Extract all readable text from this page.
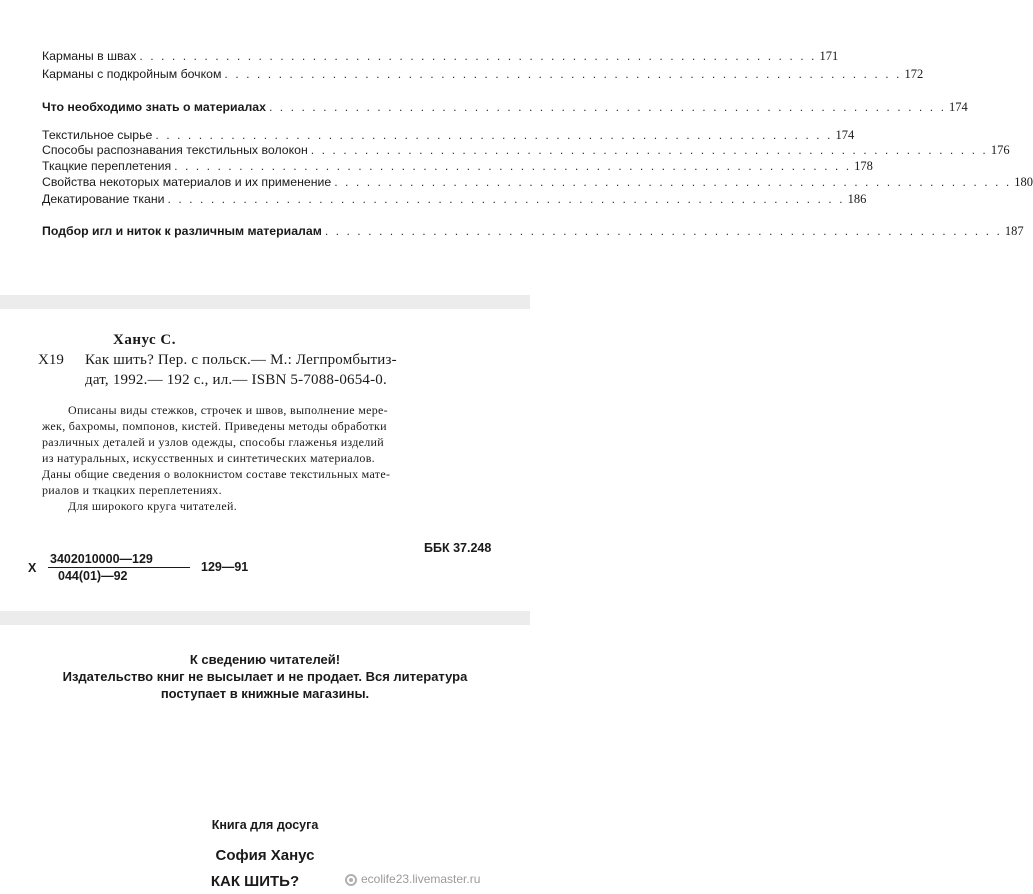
Карманы в швах . . . . . . . . . . . . . . . . . . . . . . . . . . . . . . . . . . . . . . . . . . . . . . . . . . . . . . . . . . . . . . . 171
Карманы с подкройным бочком . . . . . . . . . . . . . . . . . . . . . . . . . . . . . . . . . . . . . . . . . . . . . . . . . . . . . . . . . . . . . . . 172
Что необходимо знать о материалах . . . . . . . . . . . . . . . . . . . . . . . . . . . . . . . . . . . . . . . . . . . . . . . . . . . . . . . . . . . . . . . 174
Текстильное сырье . . . . . . . . . . . . . . . . . . . . . . . . . . . . . . . . . . . . . . . . . . . . . . . . . . . . . . . . . . . . . . . 174
Способы распознавания текстильных волокон . . . . . . . . . . . . . . . . . . . . . . . . . . . . . . . . . . . . . . . . . . . . . . . . . . . . . . . . . . . . . . . 176
Ткацкие переплетения . . . . . . . . . . . . . . . . . . . . . . . . . . . . . . . . . . . . . . . . . . . . . . . . . . . . . . . . . . . . . . . 178
Свойства некоторых материалов и их применение . . . . . . . . . . . . . . . . . . . . . . . . . . . . . . . . . . . . . . . . . . . . . . . . . . . . . . . . . . . . . . . 180
Декатирование ткани . . . . . . . . . . . . . . . . . . . . . . . . . . . . . . . . . . . . . . . . . . . . . . . . . . . . . . . . . . . . . . . 186
Подбор игл и ниток к различным материалам . . . . . . . . . . . . . . . . . . . . . . . . . . . . . . . . . . . . . . . . . . . . . . . . . . . . . . . . . . . . . . . 187
Ханус С.
Х19 Как шить? Пер. с польск.— М.: Легпромбытиз-
дат, 1992.— 192 с., ил.— ISBN 5-7088-0654-0.
Описаны виды стежков, строчек и швов, выполнение мере-
жек, бахромы, помпонов, кистей. Приведены методы обработки
различных деталей и узлов одежды, способы глаженья изделий
из натуральных, искусственных и синтетических материалов.
Даны общие сведения о волокнистом составе текстильных мате-
риалов и ткацких переплетениях.
Для широкого круга читателей.
ББК 37.248
Х
3402010000—129
044(01)—92
129—91
К сведению читателей!
Издательство книг не высылает и не продает. Вся литература
поступает в книжные магазины.
Книга для досуга
София Ханус
КАК ШИТЬ?	ecolife23.livemaster.ru
